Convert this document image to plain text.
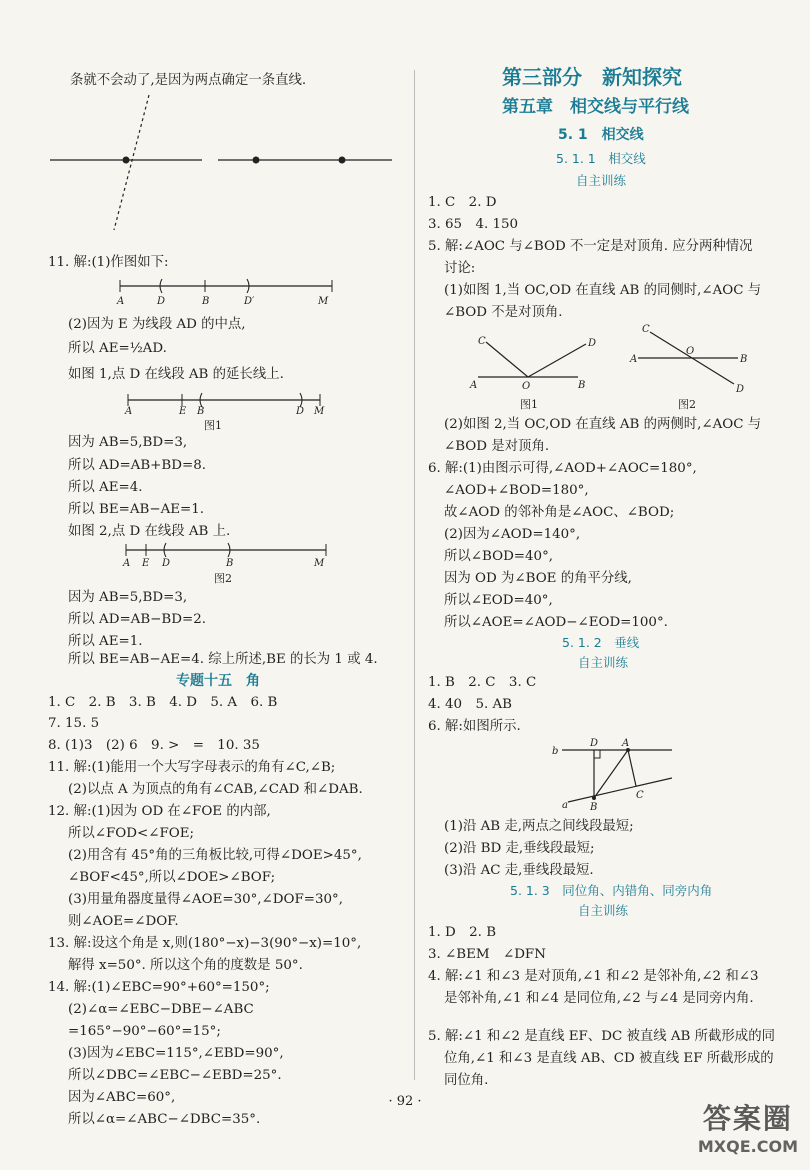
条就不会动了,是因为两点确定一条直线.
11. 解:(1)作图如下:
A	D	B	D′	M
(2)因为 E 为线段 AD 的中点,
所以 AE=½AD.
如图 1,点 D 在线段 AB 的延长线上.
A	E B	D M
图1
因为 AB=5,BD=3,
所以 AD=AB+BD=8.
所以 AE=4.
所以 BE=AB−AE=1.
如图 2,点 D 在线段 AB 上.
A E D	B	M
图2
因为 AB=5,BD=3,
所以 AD=AB−BD=2.
所以 AE=1.
所以 BE=AB−AE=4. 综上所述,BE 的长为 1 或 4.
专题十五　角
1. C　2. B　3. B　4. D　5. A　6. B
7. 15. 5
8. (1)3　(2) 6　9. >　=　10. 35
11. 解:(1)能用一个大写字母表示的角有∠C,∠B;
(2)以点 A 为顶点的角有∠CAB,∠CAD 和∠DAB.
12. 解:(1)因为 OD 在∠FOE 的内部,
所以∠FOD<∠FOE;
(2)用含有 45°角的三角板比较,可得∠DOE>45°,
∠BOF<45°,所以∠DOE>∠BOF;
(3)用量角器度量得∠AOE=30°,∠DOF=30°,
则∠AOE=∠DOF.
13. 解:设这个角是 x,则(180°−x)−3(90°−x)=10°,
解得 x=50°. 所以这个角的度数是 50°.
14. 解:(1)∠EBC=90°+60°=150°;
(2)∠α=∠EBC−DBE−∠ABC
=165°−90°−60°=15°;
(3)因为∠EBC=115°,∠EBD=90°,
所以∠DBC=∠EBC−∠EBD=25°.
因为∠ABC=60°,
所以∠α=∠ABC−∠DBC=35°.
第三部分　新知探究
第五章　相交线与平行线
5. 1　相交线
5. 1. 1　相交线
自主训练
1. C　2. D
3. 65　4. 150
5. 解:∠AOC 与∠BOD 不一定是对顶角. 应分两种情况
讨论:
(1)如图 1,当 OC,OD 在直线 AB 的同侧时,∠AOC 与
∠BOD 不是对顶角.
C	D
A	O	B
C
A
O
B
D
图1	图2
(2)如图 2,当 OC,OD 在直线 AB 的两侧时,∠AOC 与
∠BOD 是对顶角.
6. 解:(1)由图示可得,∠AOD+∠AOC=180°,
∠AOD+∠BOD=180°,
故∠AOD 的邻补角是∠AOC、∠BOD;
(2)因为∠AOD=140°,
所以∠BOD=40°,
因为 OD 为∠BOE 的角平分线,
所以∠EOD=40°,
所以∠AOE=∠AOD−∠EOD=100°.
5. 1. 2　垂线
自主训练
1. B　2. C　3. C
4. 40　5. AB
6. 解:如图所示.
b
D A
a B
C
(1)沿 AB 走,两点之间线段最短;
(2)沿 BD 走,垂线段最短;
(3)沿 AC 走,垂线段最短.
5. 1. 3　同位角、内错角、同旁内角
自主训练
1. D　2. B
3. ∠BEM　∠DFN
4. 解:∠1 和∠3 是对顶角,∠1 和∠2 是邻补角,∠2 和∠3
是邻补角,∠1 和∠4 是同位角,∠2 与∠4 是同旁内角.
5. 解:∠1 和∠2 是直线 EF、DC 被直线 AB 所截形成的同
位角,∠1 和∠3 是直线 AB、CD 被直线 EF 所截形成的
同位角.
· 92 ·
答案圈
MXQE.COM
